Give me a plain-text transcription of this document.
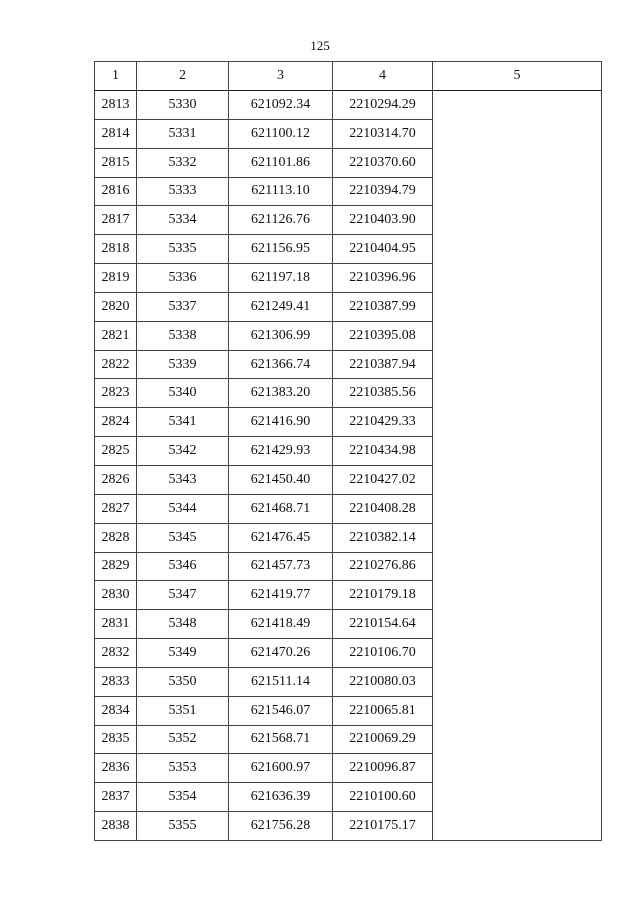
125
1	2	3	4	5
2813	5330	621092.34	2210294.29	
2814	5331	621100.12	2210314.70	
2815	5332	621101.86	2210370.60	
2816	5333	621113.10	2210394.79	
2817	5334	621126.76	2210403.90	
2818	5335	621156.95	2210404.95	
2819	5336	621197.18	2210396.96	
2820	5337	621249.41	2210387.99	
2821	5338	621306.99	2210395.08	
2822	5339	621366.74	2210387.94	
2823	5340	621383.20	2210385.56	
2824	5341	621416.90	2210429.33	
2825	5342	621429.93	2210434.98	
2826	5343	621450.40	2210427.02	
2827	5344	621468.71	2210408.28	
2828	5345	621476.45	2210382.14	
2829	5346	621457.73	2210276.86	
2830	5347	621419.77	2210179.18	
2831	5348	621418.49	2210154.64	
2832	5349	621470.26	2210106.70	
2833	5350	621511.14	2210080.03	
2834	5351	621546.07	2210065.81	
2835	5352	621568.71	2210069.29	
2836	5353	621600.97	2210096.87	
2837	5354	621636.39	2210100.60	
2838	5355	621756.28	2210175.17	
